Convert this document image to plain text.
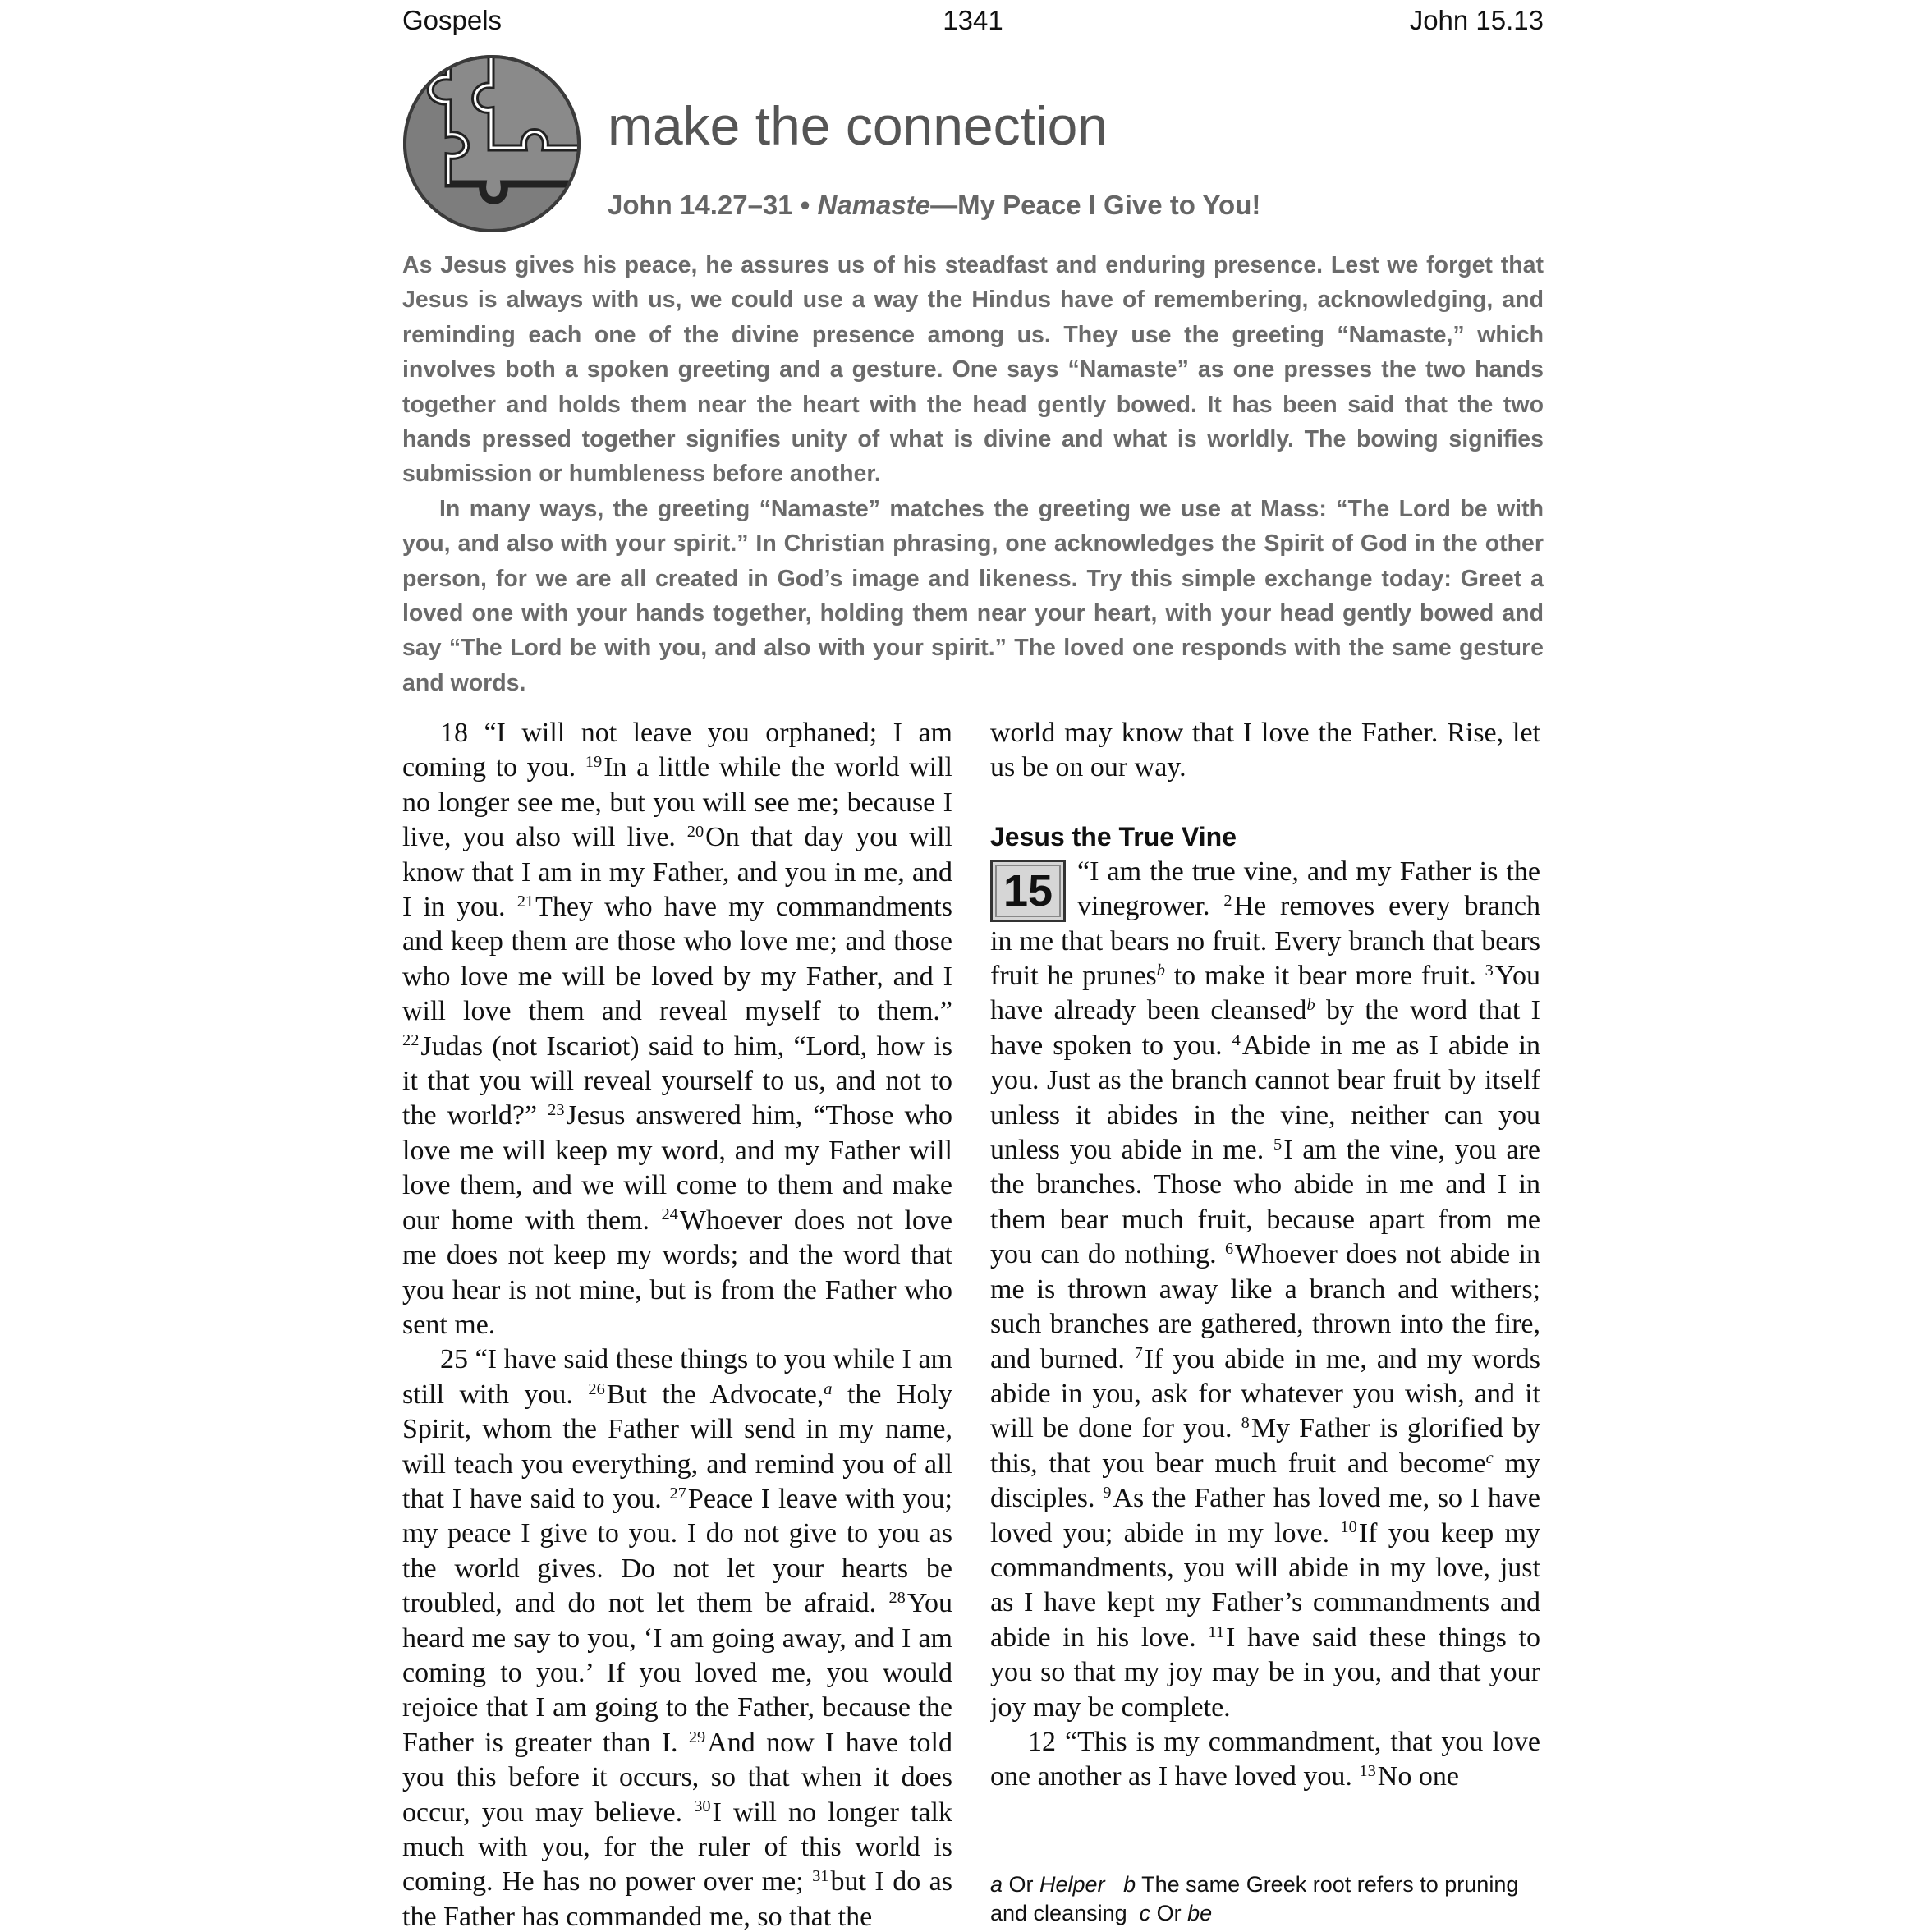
Gospels	1341	John 15.13
make the connection
John 14.27–31 • Namaste—My Peace I Give to You!

As Jesus gives his peace, he assures us of his steadfast and enduring presence. Lest we forget that Jesus is always with us, we could use a way the Hindus have of remembering, acknowledging, and reminding each one of the divine presence among us. They use the greeting “Namaste,” which involves both a spoken greeting and a gesture. One says “Namaste” as one presses the two hands together and holds them near the heart with the head gently bowed. It has been said that the two hands pressed together signifies unity of what is divine and what is worldly. The bowing signifies submission or humbleness before another.

In many ways, the greeting “Namaste” matches the greeting we use at Mass: “The Lord be with you, and also with your spirit.” In Christian phrasing, one acknowledges the Spirit of God in the other person, for we are all created in God’s image and likeness. Try this simple exchange today: Greet a loved one with your hands together, holding them near your heart, with your head gently bowed and say “The Lord be with you, and also with your spirit.” The loved one responds with the same gesture and words.

18 “I will not leave you orphaned; I am coming to you. $^{19}$In a little while the world will no longer see me, but you will see me; because I live, you also will live. $^{20}$On that day you will know that I am in my Father, and you in me, and I in you. $^{21}$They who have my commandments and keep them are those who love me; and those who love me will be loved by my Father, and I will love them and reveal myself to them.” $^{22}$Judas (not Iscariot) said to him, “Lord, how is it that you will reveal yourself to us, and not to the world?” $^{23}$Jesus answered him, “Those who love me will keep my word, and my Father will love them, and we will come to them and make our home with them. $^{24}$Whoever does not love me does not keep my words; and the word that you hear is not mine, but is from the Father who sent me.

25 “I have said these things to you while I am still with you. $^{26}$But the Advocate,$^a$ the Holy Spirit, whom the Father will send in my name, will teach you everything, and remind you of all that I have said to you. $^{27}$Peace I leave with you; my peace I give to you. I do not give to you as the world gives. Do not let your hearts be troubled, and do not let them be afraid. $^{28}$You heard me say to you, ‘I am going away, and I am coming to you.’ If you loved me, you would rejoice that I am going to the Father, because the Father is greater than I. $^{29}$And now I have told you this before it occurs, so that when it does occur, you may believe. $^{30}$I will no longer talk much with you, for the ruler of this world is coming. He has no power over me; $^{31}$but I do as the Father has commanded me, so that the

world may know that I love the Father. Rise, let us be on our way.

Jesus the True Vine

15 “I am the true vine, and my Father is the vinegrower. $^2$He removes every branch in me that bears no fruit. Every branch that bears fruit he prunes$^b$ to make it bear more fruit. $^3$You have already been cleansed$^b$ by the word that I have spoken to you. $^4$Abide in me as I abide in you. Just as the branch cannot bear fruit by itself unless it abides in the vine, neither can you unless you abide in me. $^5$I am the vine, you are the branches. Those who abide in me and I in them bear much fruit, because apart from me you can do nothing. $^6$Whoever does not abide in me is thrown away like a branch and withers; such branches are gathered, thrown into the fire, and burned. $^7$If you abide in me, and my words abide in you, ask for whatever you wish, and it will be done for you. $^8$My Father is glorified by this, that you bear much fruit and become$^c$ my disciples. $^9$As the Father has loved me, so I have loved you; abide in my love. $^{10}$If you keep my commandments, you will abide in my love, just as I have kept my Father’s commandments and abide in his love. $^{11}$I have said these things to you so that my joy may be in you, and that your joy may be complete.

12 “This is my commandment, that you love one another as I have loved you. $^{13}$No one

a Or Helper b The same Greek root refers to pruning and cleansing  c Or be
